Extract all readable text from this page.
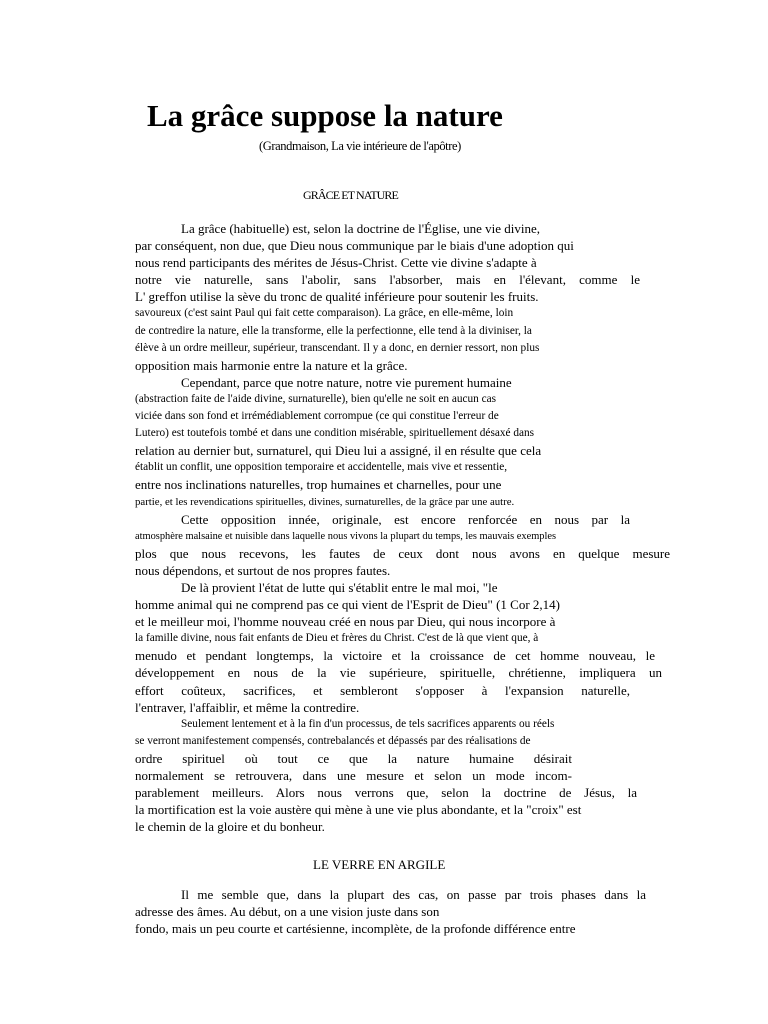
La grâce suppose la nature
(Grandmaison, La vie intérieure de l'apôtre)
GRÂCE ET NATURE
La grâce (habituelle) est, selon la doctrine de l'Église, une vie divine,
par conséquent, non due, que Dieu nous communique par le biais d'une adoption qui
nous rend participants des mérites de Jésus-Christ. Cette vie divine s'adapte à
notre vie naturelle, sans l'abolir, sans l'absorber, mais en l'élevant, comme le
L' greffon utilise la sève du tronc de qualité inférieure pour soutenir les fruits.
savoureux (c'est saint Paul qui fait cette comparaison). La grâce, en elle-même, loin
de contredire la nature, elle la transforme, elle la perfectionne, elle tend à la diviniser, la
élève à un ordre meilleur, supérieur, transcendant. Il y a donc, en dernier ressort, non plus
opposition mais harmonie entre la nature et la grâce.
Cependant, parce que notre nature, notre vie purement humaine
(abstraction faite de l'aide divine, surnaturelle), bien qu'elle ne soit en aucun cas
viciée dans son fond et irrémédiablement corrompue (ce qui constitue l'erreur de
Lutero) est toutefois tombé et dans une condition misérable, spirituellement désaxé dans
relation au dernier but, surnaturel, qui Dieu lui a assigné, il en résulte que cela
établit un conflit, une opposition temporaire et accidentelle, mais vive et ressentie,
entre nos inclinations naturelles, trop humaines et charnelles, pour une
partie, et les revendications spirituelles, divines, surnaturelles, de la grâce par une autre.
Cette opposition innée, originale, est encore renforcée en nous par la
atmosphère malsaine et nuisible dans laquelle nous vivons la plupart du temps, les mauvais exemples
plos que nous recevons, les fautes de ceux dont nous avons en quelque mesure
nous dépendons, et surtout de nos propres fautes.
De là provient l'état de lutte qui s'établit entre le mal moi, "le
homme animal qui ne comprend pas ce qui vient de l'Esprit de Dieu" (1 Cor 2,14)
et le meilleur moi, l'homme nouveau créé en nous par Dieu, qui nous incorpore à
la famille divine, nous fait enfants de Dieu et frères du Christ. C'est de là que vient que, à
menudo et pendant longtemps, la victoire et la croissance de cet homme nouveau, le
développement en nous de la vie supérieure, spirituelle, chrétienne, impliquera un
effort coûteux, sacrifices, et sembleront s'opposer à l'expansion naturelle,
l'entraver, l'affaiblir, et même la contredire.
Seulement lentement et à la fin d'un processus, de tels sacrifices apparents ou réels
se verront manifestement compensés, contrebalancés et dépassés par des réalisations de
ordre spirituel où tout ce que la nature humaine désirait
normalement se retrouvera, dans une mesure et selon un mode incom-
parablement meilleurs. Alors nous verrons que, selon la doctrine de Jésus, la
la mortification est la voie austère qui mène à une vie plus abondante, et la "croix" est
le chemin de la gloire et du bonheur.
LE VERRE EN ARGILE
Il me semble que, dans la plupart des cas, on passe par trois phases dans la
adresse des âmes. Au début, on a une vision juste dans son
fondo, mais un peu courte et cartésienne, incomplète, de la profonde différence entre
